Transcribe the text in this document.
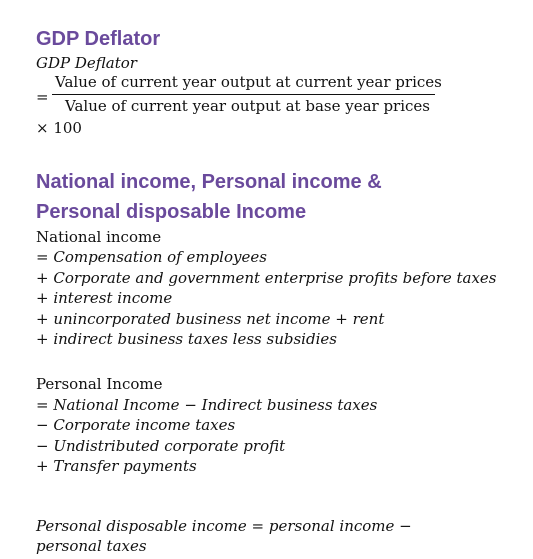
GDP Deflator
GDP Deflator
Value of current year output at current year prices
= Value of current year output at base year prices
× 100
National income, Personal income &
Personal disposable Income
National income
= Compensation of employees
+ Corporate and government enterprise profits before taxes
+ interest income
+ unincorporated business net income + rent
+ indirect business taxes less subsidies
Personal Income
= National Income − Indirect business taxes
− Corporate income taxes
− Undistributed corporate profit
+ Transfer payments
Personal disposable income = personal income −
personal taxes
